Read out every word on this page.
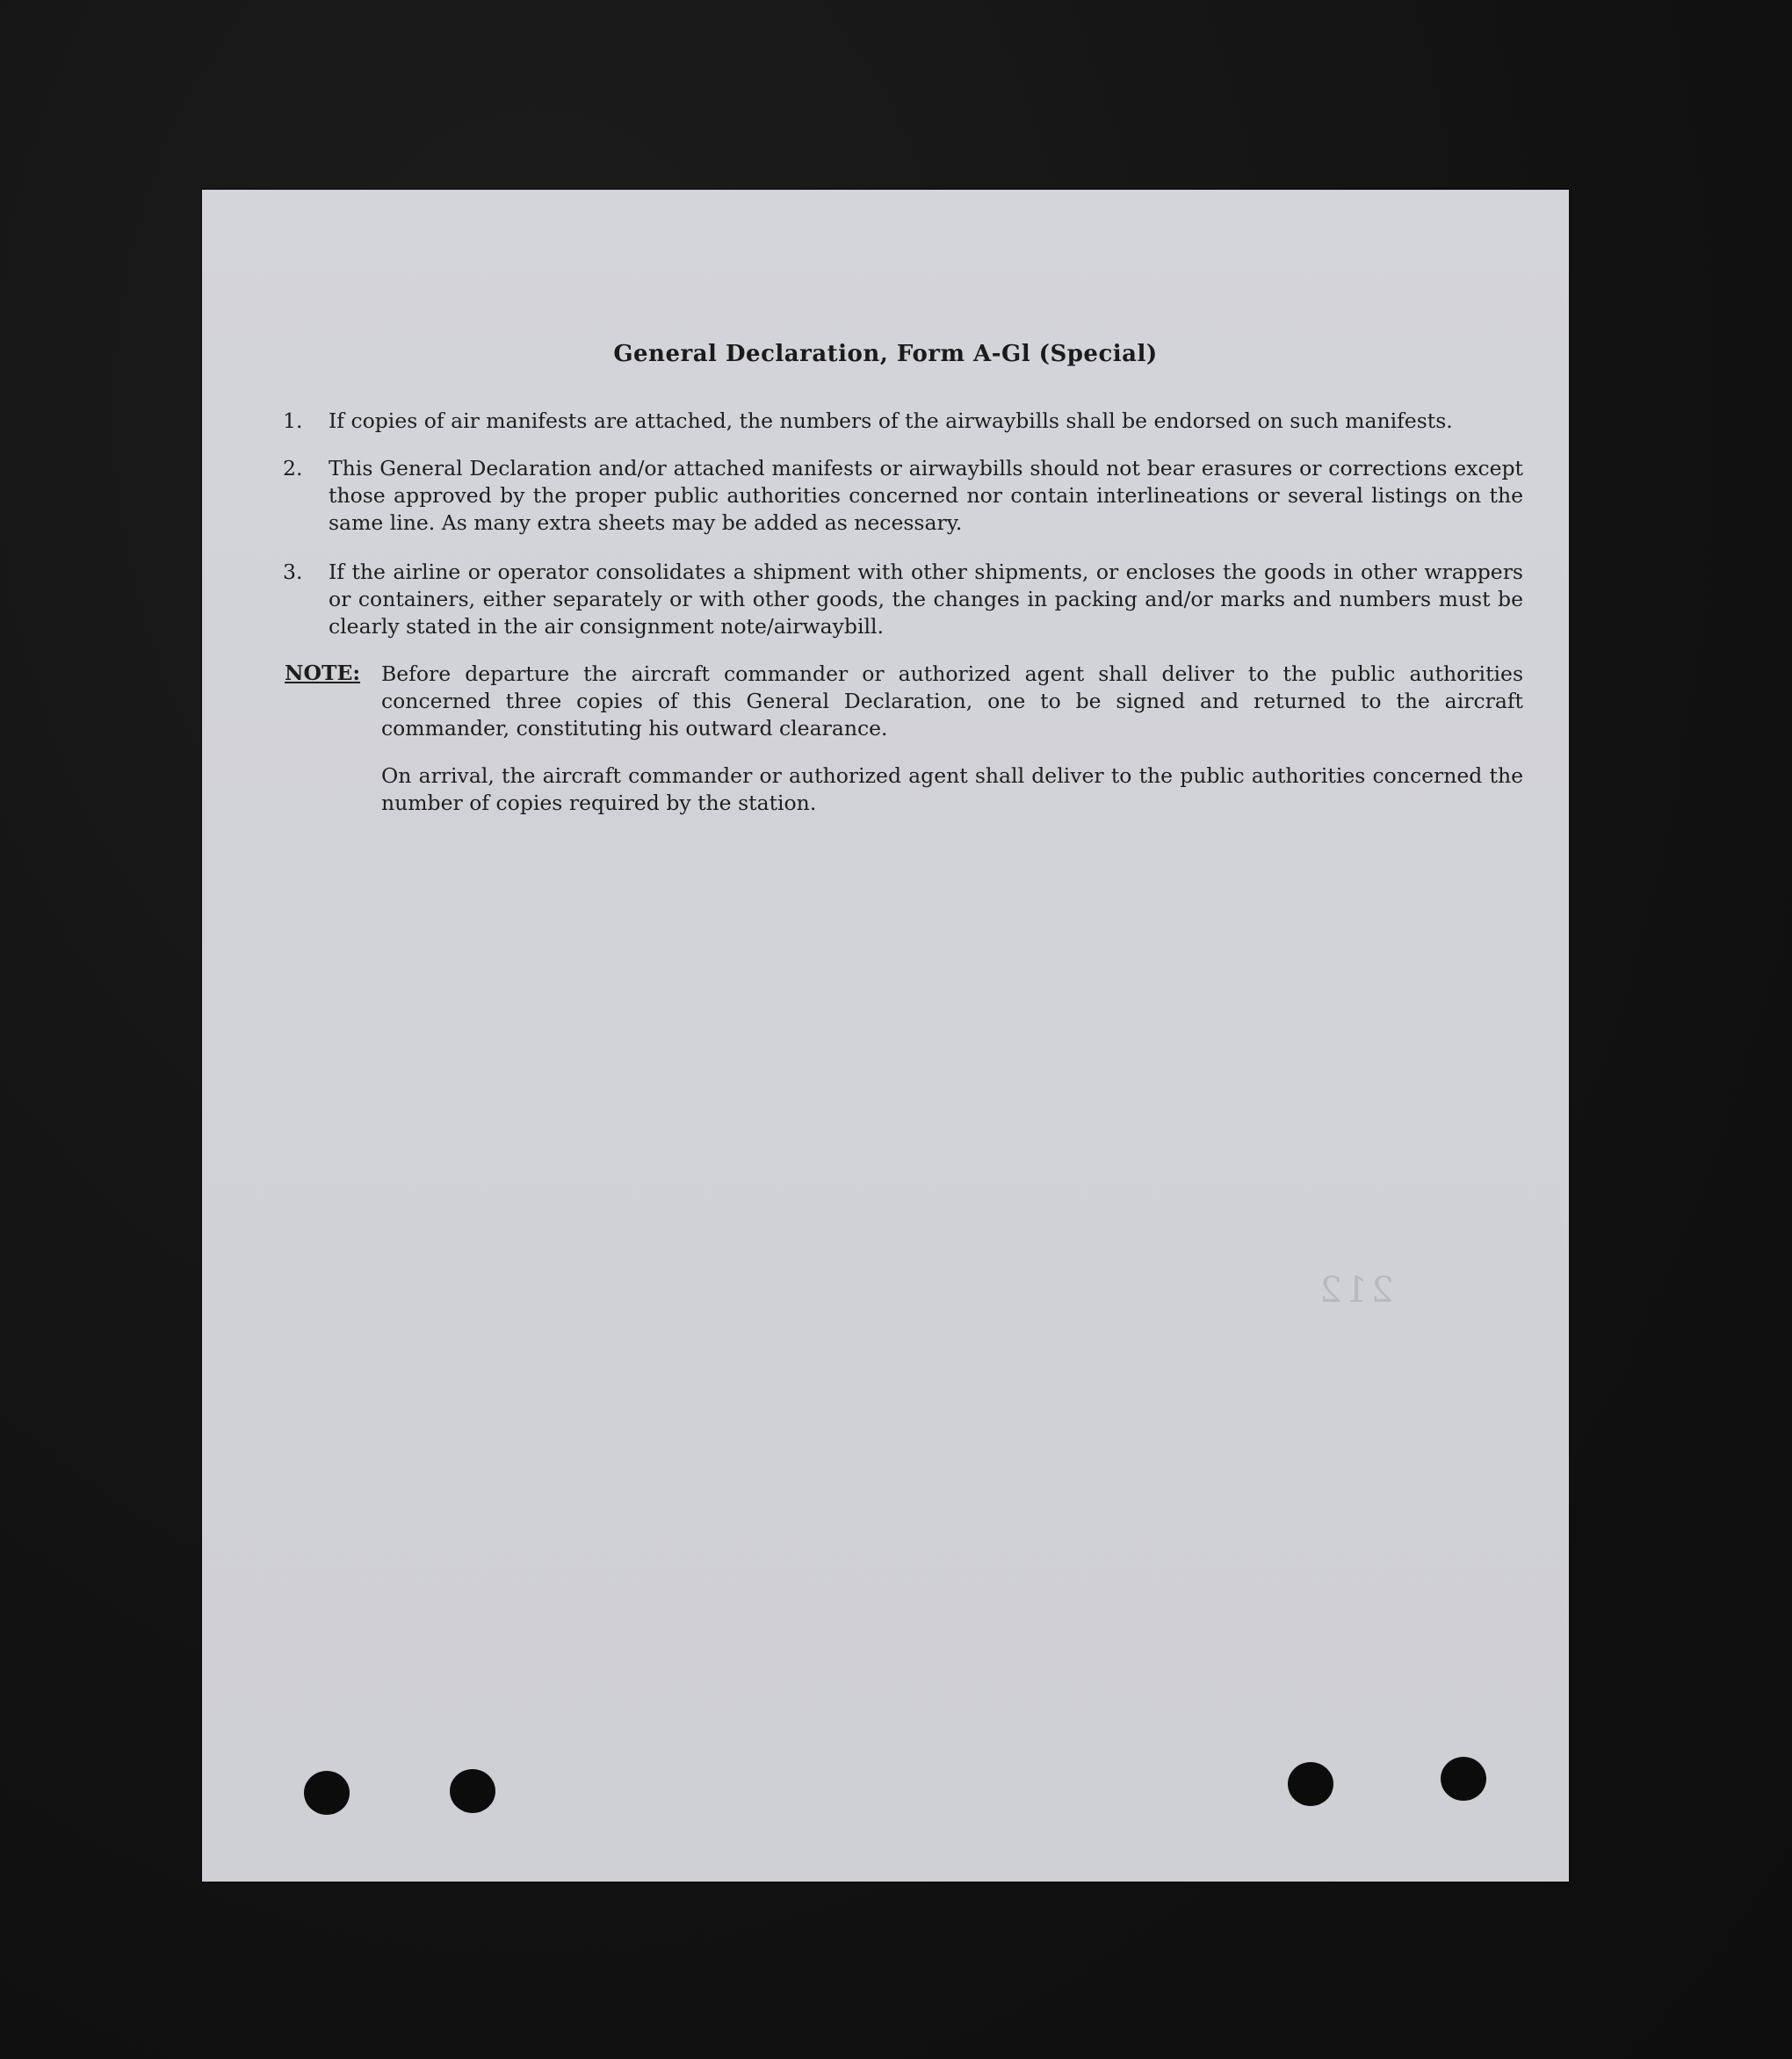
General Declaration, Form A-Gl (Special)
1.	If copies of air manifests are attached, the numbers of the airwaybills shall be endorsed on such manifests.
2.	This General Declaration and/or attached manifests or airwaybills should not bear erasures or corrections except those approved by the proper public authorities concerned nor contain interlineations or several listings on the same line. As many extra sheets may be added as necessary.
3.	If the airline or operator consolidates a shipment with other shipments, or encloses the goods in other wrappers or containers, either separately or with other goods, the changes in packing and/or marks and numbers must be clearly stated in the air consignment note/airwaybill.
NOTE: Before departure the aircraft commander or authorized agent shall deliver to the public authorities concerned three copies of this General Declaration, one to be signed and returned to the aircraft commander, constituting his outward clearance.
On arrival, the aircraft commander or authorized agent shall deliver to the public authorities concerned the number of copies required by the station.
212
